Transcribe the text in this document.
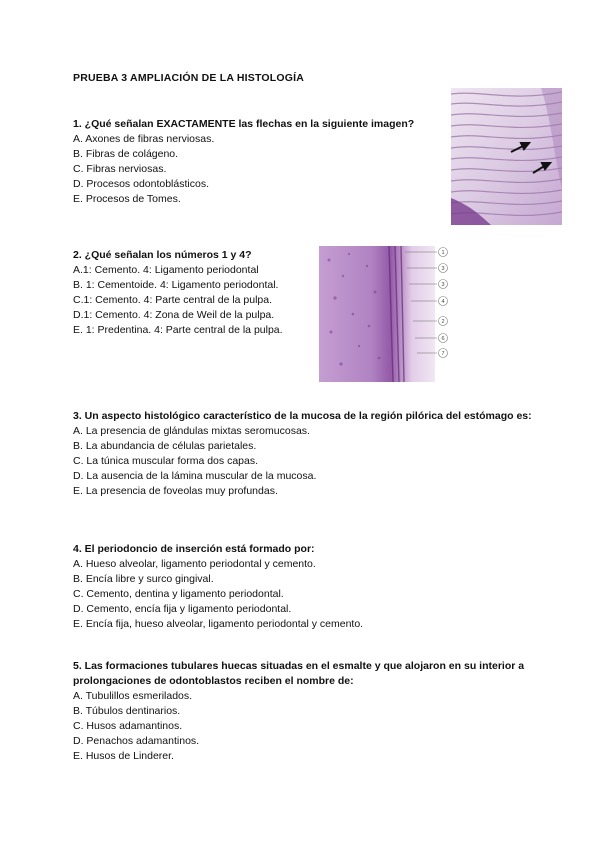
PRUEBA 3 AMPLIACIÓN DE LA HISTOLOGÍA
1. ¿Qué señalan EXACTAMENTE las flechas en la siguiente imagen?
A. Axones de fibras nerviosas.
B. Fibras de colágeno.
C. Fibras nerviosas.
D. Procesos odontoblásticos.
E. Procesos de Tomes.
2. ¿Qué señalan los números 1 y 4?
A.1: Cemento. 4: Ligamento periodontal
B. 1: Cementoide. 4: Ligamento periodontal.
C.1: Cemento. 4: Parte central de la pulpa.
D.1: Cemento. 4: Zona de Weil de la pulpa.
E. 1: Predentina. 4: Parte central de la pulpa.
1
3
3
4
2
6
7
3. Un aspecto histológico característico de la mucosa de la región pilórica del estómago es:
A. La presencia de glándulas mixtas seromucosas.
B. La abundancia de células parietales.
C. La túnica muscular forma dos capas.
D. La ausencia de la lámina muscular de la mucosa.
E. La presencia de foveolas muy profundas.
4. El periodoncio de inserción está formado por:
A. Hueso alveolar, ligamento periodontal y cemento.
B. Encía libre y surco gingival.
C. Cemento, dentina y ligamento periodontal.
D. Cemento, encía fija y ligamento periodontal.
E. Encía fija, hueso alveolar, ligamento periodontal y cemento.
5. Las formaciones tubulares huecas situadas en el esmalte y que alojaron en su interior a prolongaciones de odontoblastos reciben el nombre de:
A. Tubulillos esmerilados.
B. Túbulos dentinarios.
C. Husos adamantinos.
D. Penachos adamantinos.
E. Husos de Linderer.
